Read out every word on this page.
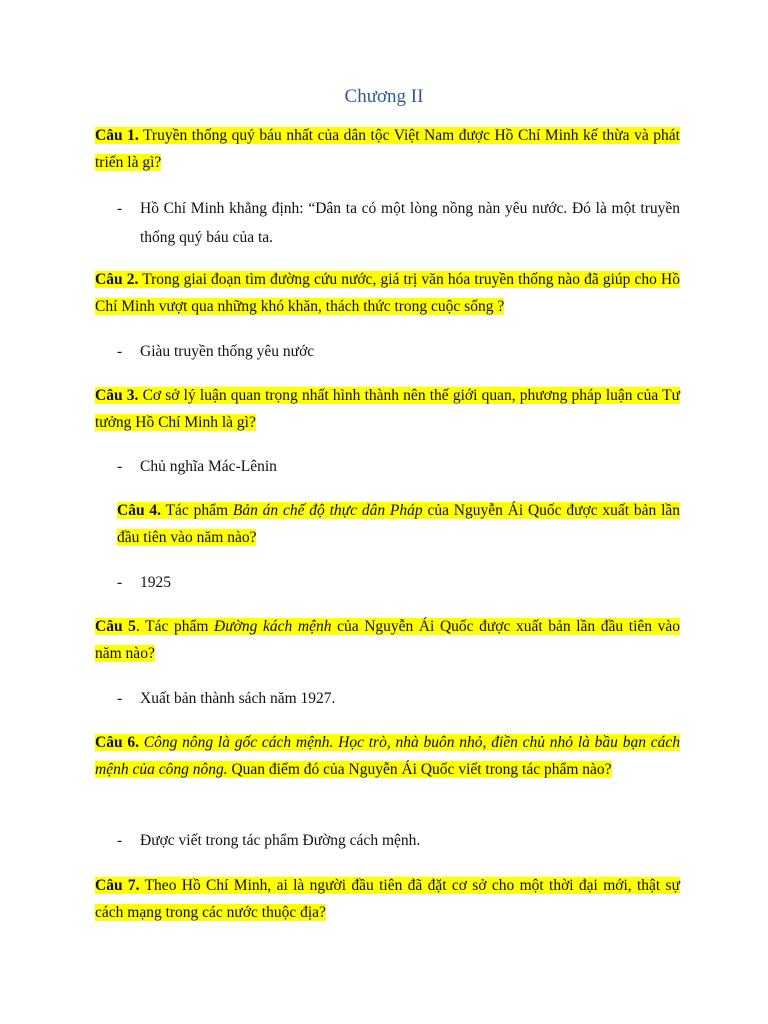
Chương II
Câu 1. Truyền thống quý báu nhất của dân tộc Việt Nam được Hồ Chí Minh kế thừa và phát triển là gì?
- Hồ Chí Minh khẳng định: “Dân ta có một lòng nồng nàn yêu nước. Đó là một truyền thống quý báu của ta.
Câu 2. Trong giai đoạn tìm đường cứu nước, giá trị văn hóa truyền thống nào đã giúp cho Hồ Chí Minh vượt qua những khó khăn, thách thức trong cuộc sống ?
- Giàu truyền thống yêu nước
Câu 3. Cơ sở lý luận quan trọng nhất hình thành nên thế giới quan, phương pháp luận của Tư tưởng Hồ Chí Minh là gì?
- Chủ nghĩa Mác-Lênin
Câu 4. Tác phẩm Bản án chế độ thực dân Pháp của Nguyễn Ái Quốc được xuất bản lần đầu tiên vào năm nào?
- 1925
Câu 5. Tác phẩm Đường kách mệnh của Nguyễn Ái Quốc được xuất bản lần đầu tiên vào năm nào?
- Xuất bản thành sách năm 1927.
Câu 6. Công nông là gốc cách mệnh. Học trò, nhà buôn nhỏ, điền chủ nhỏ là bầu bạn cách mệnh của công nông. Quan điểm đó của Nguyễn Ái Quốc viết trong tác phẩm nào?
- Được viết trong tác phẩm Đường cách mệnh.
Câu 7. Theo Hồ Chí Minh, ai là người đầu tiên đã đặt cơ sở cho một thời đại mới, thật sự cách mạng trong các nước thuộc địa?
